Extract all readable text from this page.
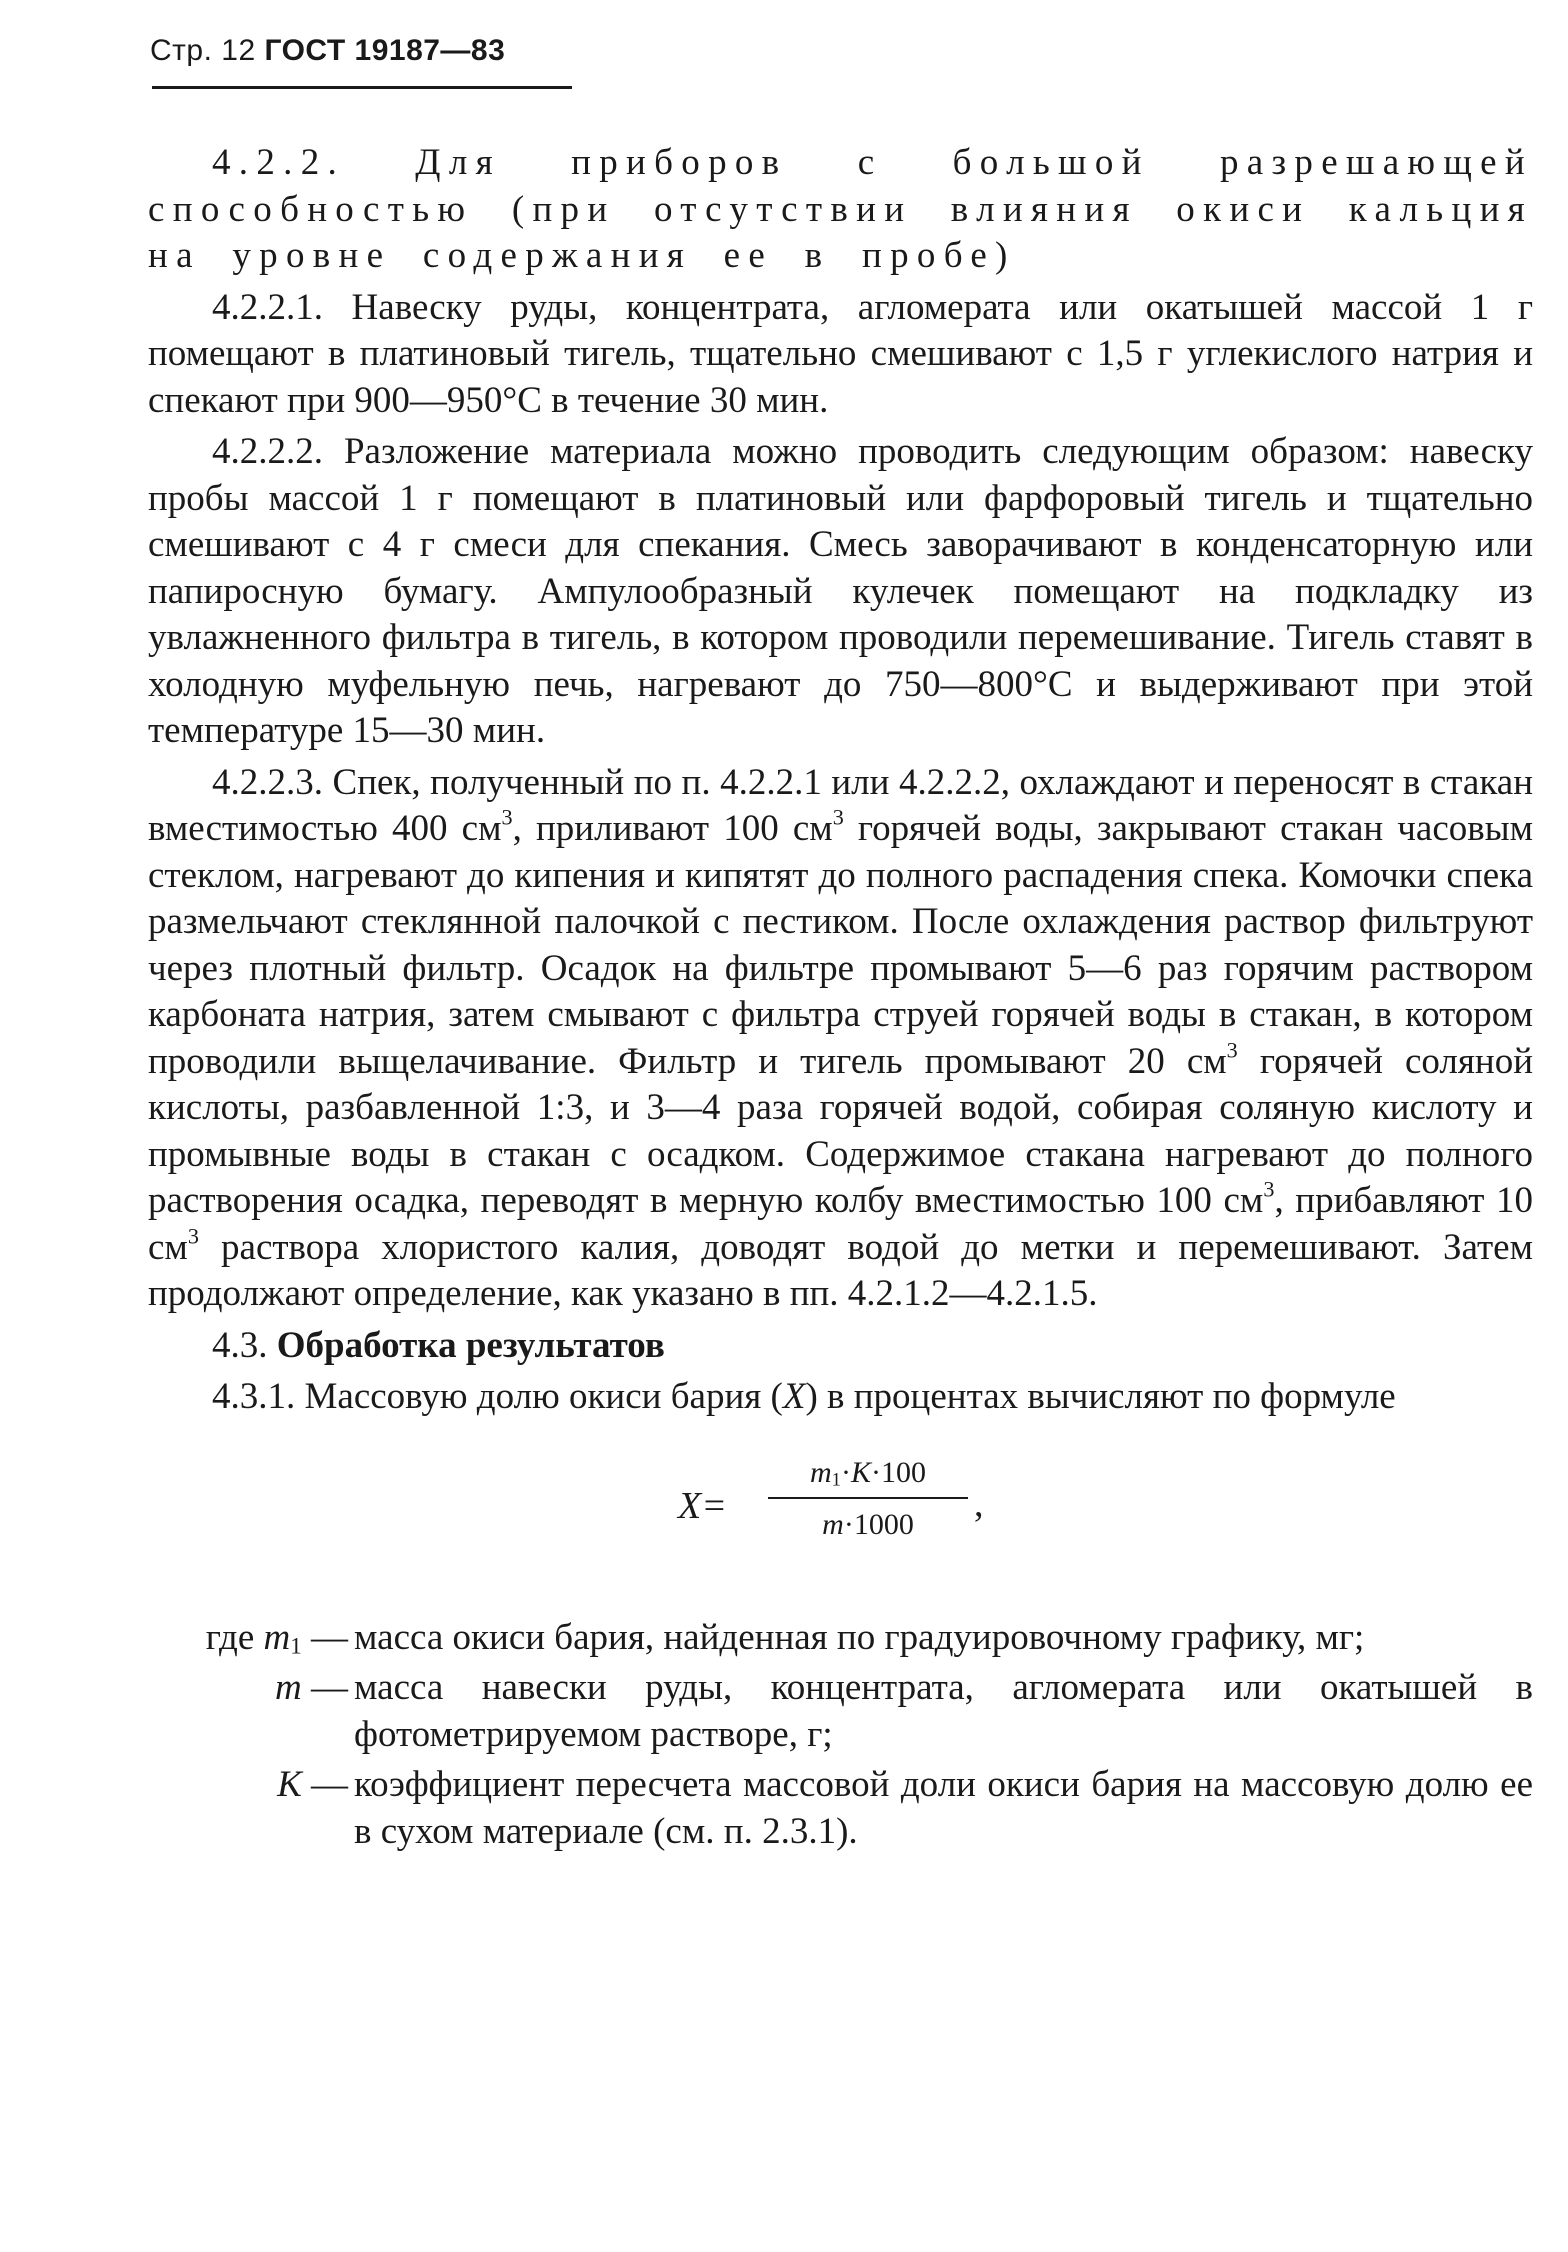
Стр. 12 ГОСТ 19187—83

4.2.2. Для приборов с большой разрешающей способностью (при отсутствии влияния окиси кальция на уровне содержания ее в пробе)

4.2.2.1. Навеску руды, концентрата, агломерата или окатышей массой 1 г помещают в платиновый тигель, тщательно смешивают с 1,5 г углекислого натрия и спекают при 900—950°С в течение 30 мин.

4.2.2.2. Разложение материала можно проводить следующим образом: навеску пробы массой 1 г помещают в платиновый или фарфоровый тигель и тщательно смешивают с 4 г смеси для спекания. Смесь заворачивают в конденсаторную или папиросную бумагу. Ампулообразный кулечек помещают на подкладку из увлажненного фильтра в тигель, в котором проводили перемешивание. Тигель ставят в холодную муфельную печь, нагревают до 750—800°С и выдерживают при этой температуре 15—30 мин.

4.2.2.3. Спек, полученный по п. 4.2.2.1 или 4.2.2.2, охлаждают и переносят в стакан вместимостью 400 $см^3$, приливают 100 $см^3$ горячей воды, закрывают стакан часовым стеклом, нагревают до кипения и кипятят до полного распадения спека. Комочки спека размельчают стеклянной палочкой с пестиком. После охлаждения раствор фильтруют через плотный фильтр. Осадок на фильтре промывают 5—6 раз горячим раствором карбоната натрия, затем смывают с фильтра струей горячей воды в стакан, в котором проводили выщелачивание. Фильтр и тигель промывают 20 $см^3$ горячей соляной кислоты, разбавленной 1:3, и 3—4 раза горячей водой, собирая соляную кислоту и промывные воды в стакан с осадком. Содержимое стакана нагревают до полного растворения осадка, переводят в мерную колбу вместимостью 100 $см^3$, прибавляют 10 $см^3$ раствора хлористого калия, доводят водой до метки и перемешивают. Затем продолжают определение, как указано в пп. 4.2.1.2—4.2.1.5.

4.3. Обработка результатов

4.3.1. Массовую долю окиси бария (X) в процентах вычисляют по формуле

X=
$m_1\cdot K\cdot 100$
m·1000	,
где $m_1$ — масса окиси бария, найденная по градуировочному графику, мг;
m — масса навески руды, концентрата, агломерата или окатышей в фотометрируемом растворе, г;
K — коэффициент пересчета массовой доли окиси бария на массовую долю ее в сухом материале (см. п. 2.3.1).
